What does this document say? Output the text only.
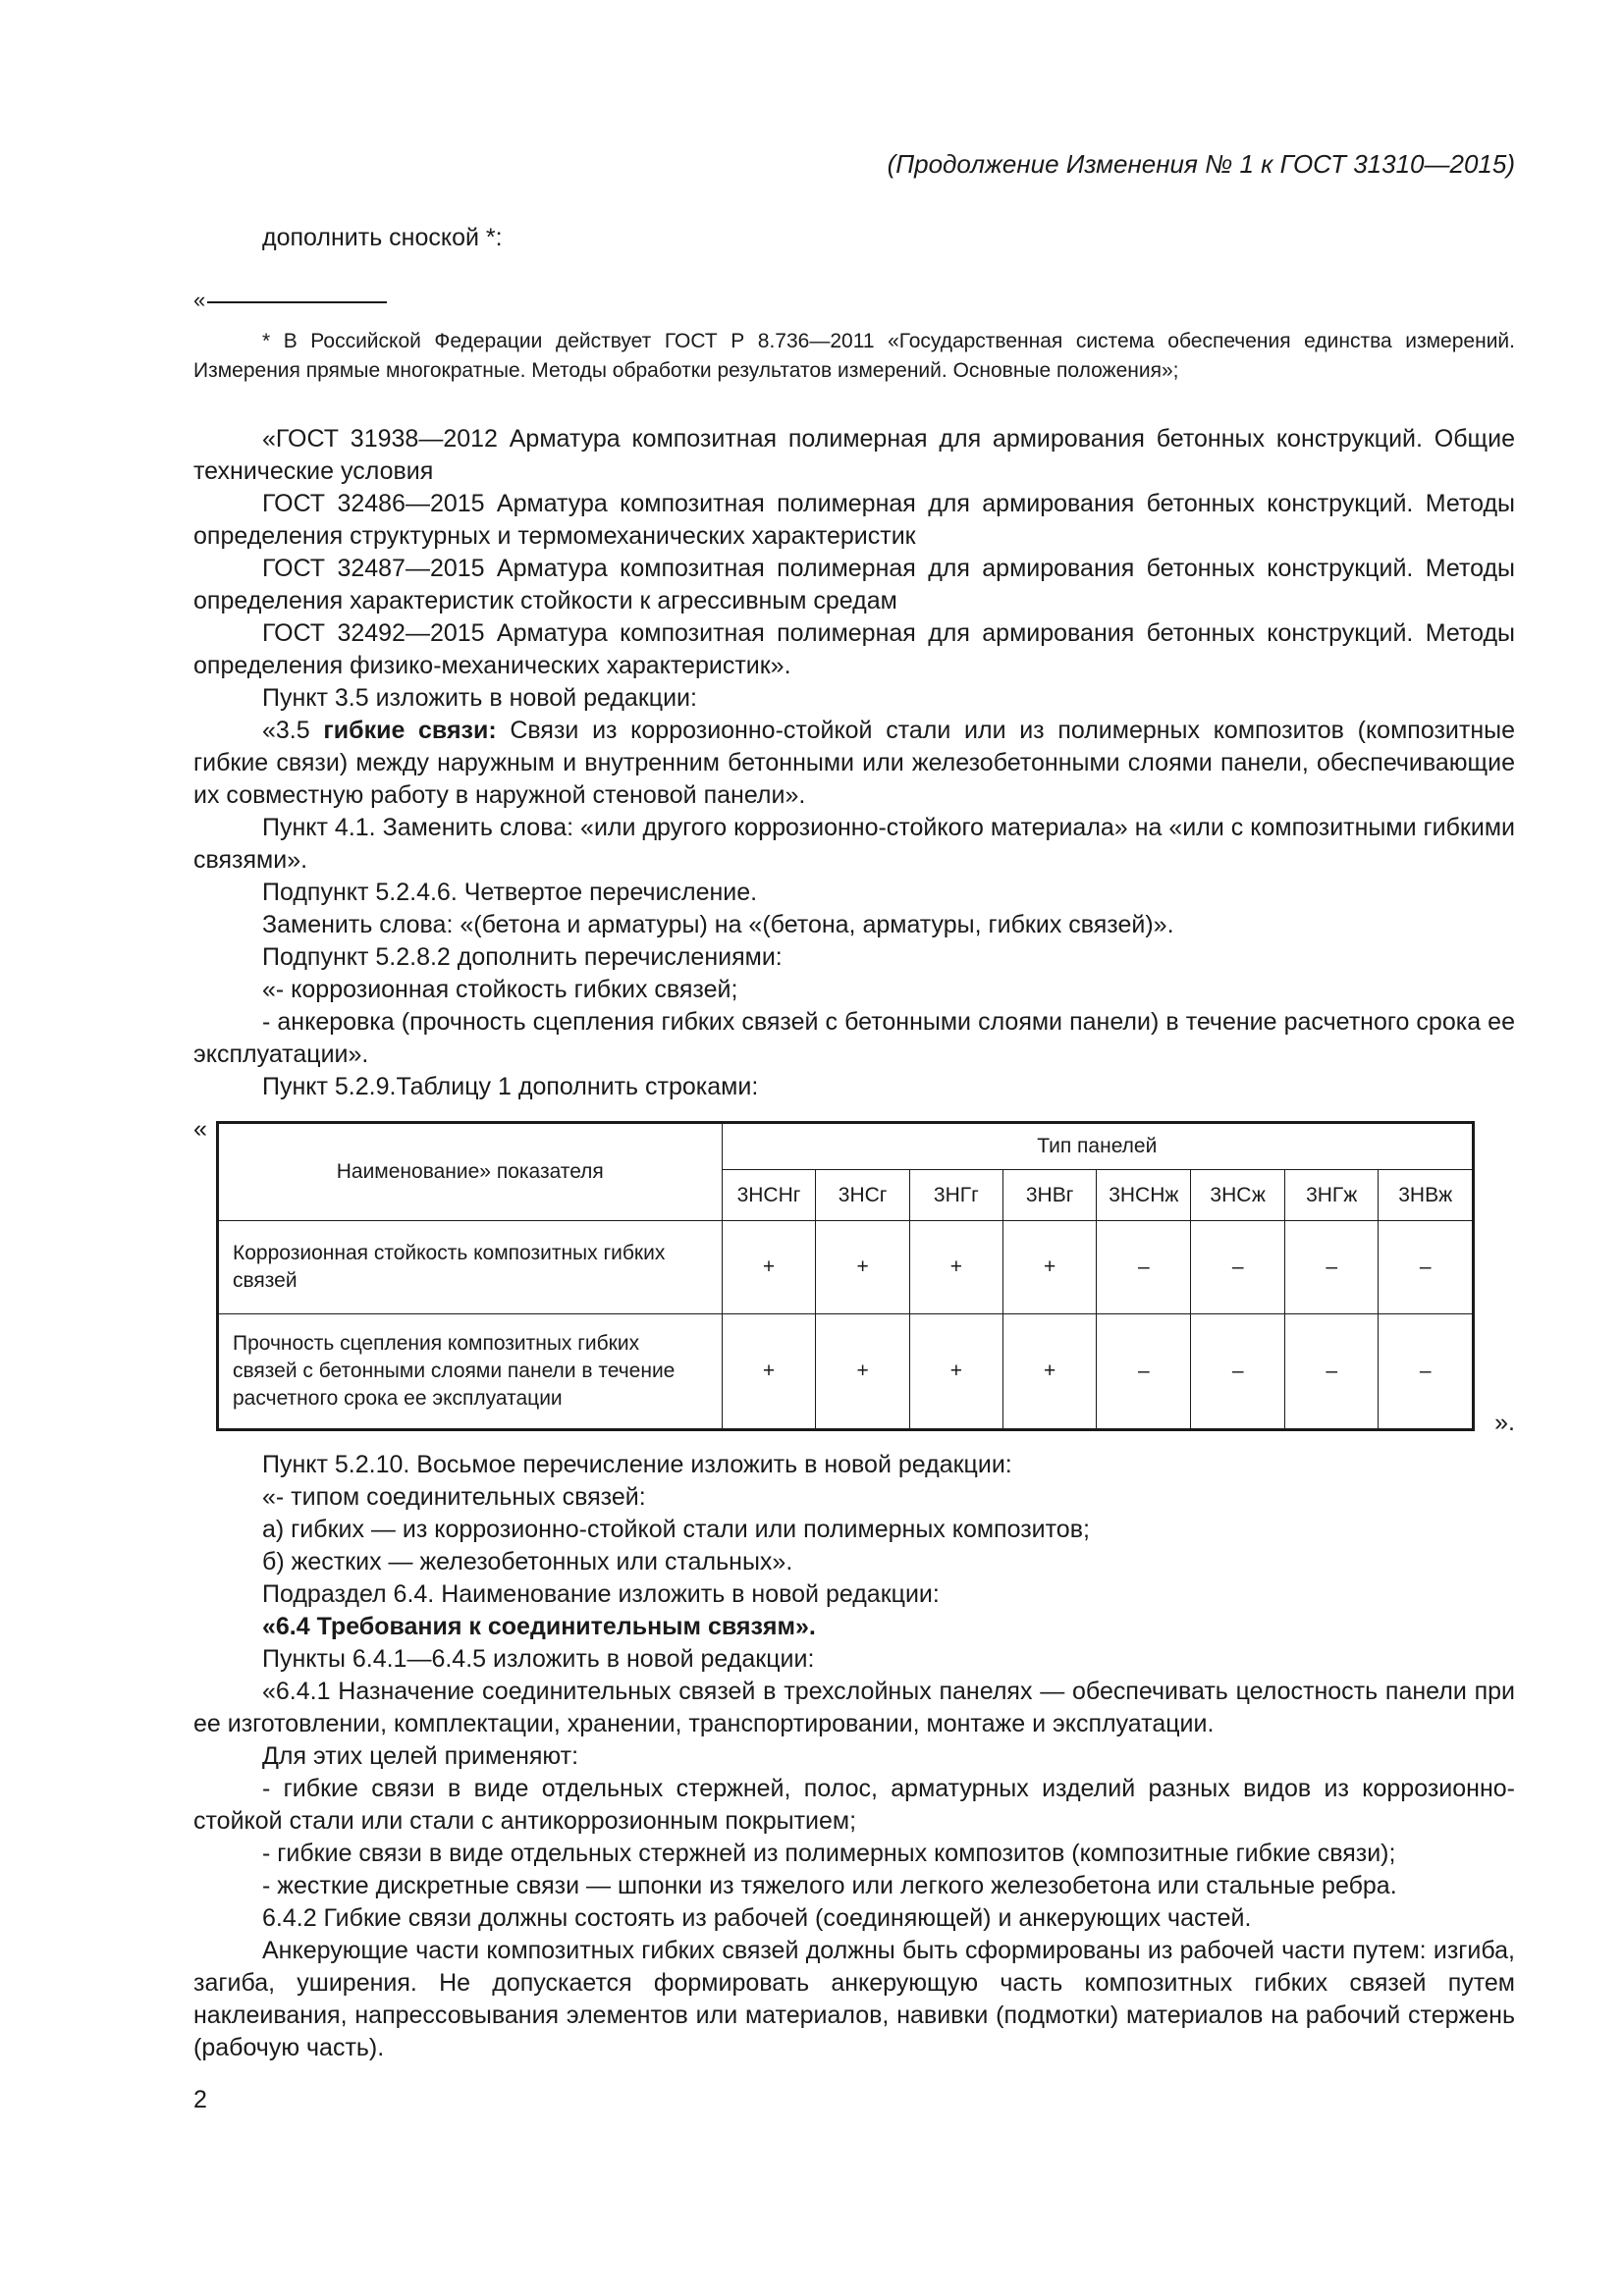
(Продолжение Изменения № 1 к ГОСТ 31310—2015)

дополнить сноской *:

«

* В Российской Федерации действует ГОСТ Р 8.736—2011 «Государственная система обеспечения единства измерений. Измерения прямые многократные. Методы обработки результатов измерений. Основные положения»;

«ГОСТ 31938—2012 Арматура композитная полимерная для армирования бетонных конструкций. Общие технические условия

ГОСТ 32486—2015 Арматура композитная полимерная для армирования бетонных конструкций. Методы определения структурных и термомеханических характеристик

ГОСТ 32487—2015 Арматура композитная полимерная для армирования бетонных конструкций. Методы определения характеристик стойкости к агрессивным средам

ГОСТ 32492—2015 Арматура композитная полимерная для армирования бетонных конструкций. Методы определения физико-механических характеристик».

Пункт 3.5 изложить в новой редакции:

«3.5 гибкие связи: Связи из коррозионно-стойкой стали или из полимерных композитов (композитные гибкие связи) между наружным и внутренним бетонными или железобетонными слоями панели, обеспечивающие их совместную работу в наружной стеновой панели».

Пункт 4.1. Заменить слова: «или другого коррозионно-стойкого материала» на «или с композитными гибкими связями».

Подпункт 5.2.4.6. Четвертое перечисление.

Заменить слова: «(бетона и арматуры) на «(бетона, арматуры, гибких связей)».

Подпункт 5.2.8.2 дополнить перечислениями:

«- коррозионная стойкость гибких связей;

- анкеровка (прочность сцепления гибких связей с бетонными слоями панели) в течение расчетного срока ее эксплуатации».

Пункт 5.2.9.Таблицу 1 дополнить строками:

«
Наименование» показателя	Тип панелей							
	3НСНг	3НСг	3НГг	3НВг	3НСНж	3НСж	3НГж	3НВж
Коррозионная стойкость композитных гибких связей	+	+	+	+	–	–	–	–
Прочность сцепления композитных гибких связей с бетонными слоями панели в течение расчетного срока ее эксплуатации	+	+	+	+	–	–	–	–
».

Пункт 5.2.10. Восьмое перечисление изложить в новой редакции:

«- типом соединительных связей:

а) гибких — из коррозионно-стойкой стали или полимерных композитов;

б) жестких — железобетонных или стальных».

Подраздел 6.4. Наименование изложить в новой редакции:

«6.4 Требования к соединительным связям».

Пункты 6.4.1—6.4.5 изложить в новой редакции:

«6.4.1 Назначение соединительных связей в трехслойных панелях — обеспечивать целостность панели при ее изготовлении, комплектации, хранении, транспортировании, монтаже и эксплуатации.

Для этих целей применяют:

- гибкие связи в виде отдельных стержней, полос, арматурных изделий разных видов из коррозионно-стойкой стали или стали с антикоррозионным покрытием;

- гибкие связи в виде отдельных стержней из полимерных композитов (композитные гибкие связи);

- жесткие дискретные связи — шпонки из тяжелого или легкого железобетона или стальные ребра.

6.4.2 Гибкие связи должны состоять из рабочей (соединяющей) и анкерующих частей.

Анкерующие части композитных гибких связей должны быть сформированы из рабочей части путем: изгиба, загиба, уширения. Не допускается формировать анкерующую часть композитных гибких связей путем наклеивания, напрессовывания элементов или материалов, навивки (подмотки) материалов на рабочий стержень (рабочую часть).

2
